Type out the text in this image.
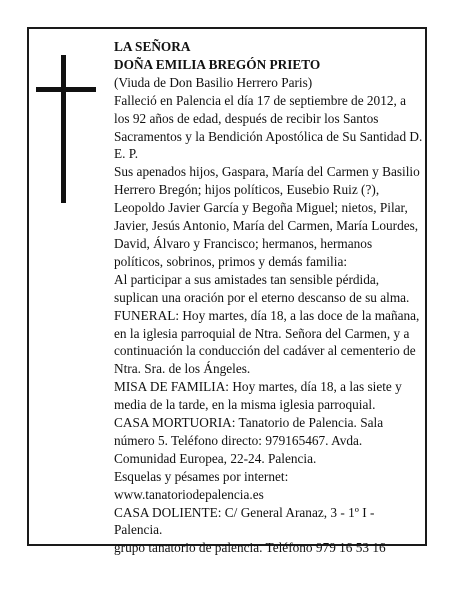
LA SEÑORA

DOÑA EMILIA BREGÓN PRIETO

(Viuda de Don Basilio Herrero Paris)

Falleció en Palencia el día 17 de septiembre de 2012, a los 92 años de edad, después de recibir los Santos Sacramentos y la Bendición Apostólica de Su Santidad D. E. P.

Sus apenados hijos, Gaspara, María del Carmen y Basilio Herrero Bregón; hijos políticos, Eusebio Ruiz (?), Leopoldo Javier García y Begoña Miguel; nietos, Pilar, Javier, Jesús Antonio, María del Carmen, María Lourdes, David, Álvaro y Francisco; hermanos, hermanos políticos, sobrinos, primos y demás familia:

Al participar a sus amistades tan sensible pérdida, suplican una oración por el eterno descanso de su alma.

FUNERAL: Hoy martes, día 18, a las doce de la mañana, en la iglesia parroquial de Ntra. Señora del Carmen, y a continuación la conducción del cadáver al cementerio de Ntra. Sra. de los Ángeles.

MISA DE FAMILIA: Hoy martes, día 18, a las siete y media de la tarde, en la misma iglesia parroquial.

CASA MORTUORIA: Tanatorio de Palencia. Sala número 5. Teléfono directo: 979165467. Avda. Comunidad Europea, 22-24. Palencia.

Esquelas y pésames por internet: www.tanatoriodepalencia.es

CASA DOLIENTE: C/ General Aranaz, 3 - 1º I - Palencia.

grupo tanatorio de palencia. Teléfono 979 16 53 16
